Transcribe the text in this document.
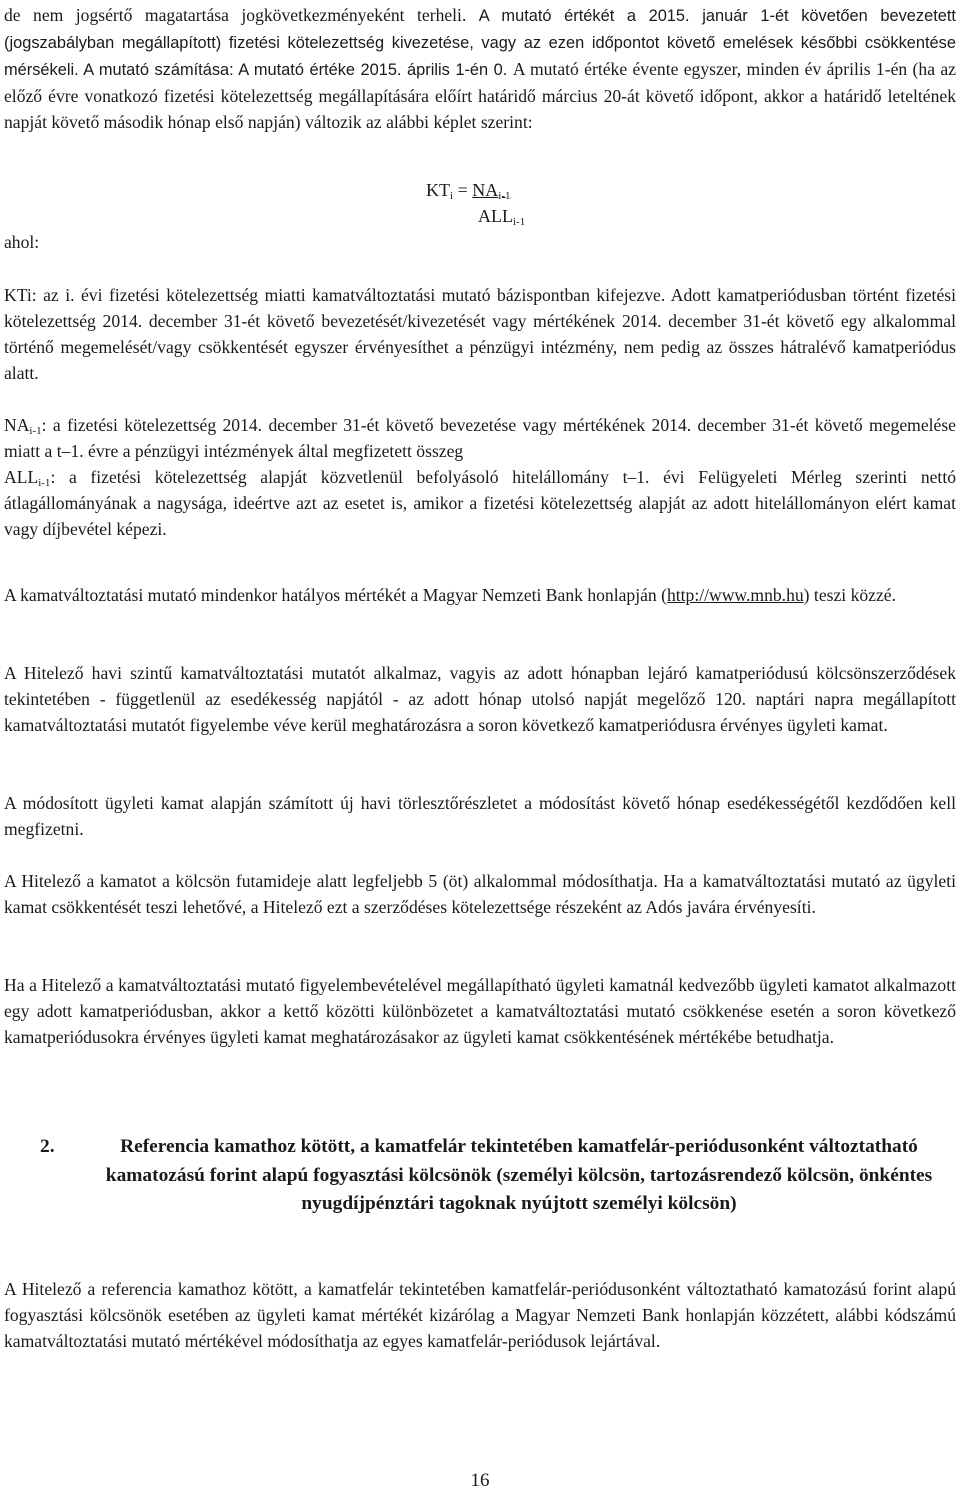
de nem jogsértő magatartása jogkövetkezményeként terheli. A mutató értékét a 2015. január 1-ét követően bevezetett (jogszabályban megállapított) fizetési kötelezettség kivezetése, vagy az ezen időpontot követő emelések későbbi csökkentése mérsékeli. A mutató számítása: A mutató értéke 2015. április 1-én 0. A mutató értéke évente egyszer, minden év április 1-én (ha az előző évre vonatkozó fizetési kötelezettség megállapítására előírt határidő március 20-át követő időpont, akkor a határidő leteltének napját követő második hónap első napján) változik az alábbi képlet szerint:

$KT_i = NA_{i-1}$
$ALL_{i-1}$
ahol:

KTi: az i. évi fizetési kötelezettség miatti kamatváltoztatási mutató bázispontban kifejezve. Adott kamatperiódusban történt fizetési kötelezettség 2014. december 31-ét követő bevezetését/kivezetését vagy mértékének 2014. december 31-ét követő egy alkalommal történő megemelését/vagy csökkentését egyszer érvényesíthet a pénzügyi intézmény, nem pedig az összes hátralévő kamatperiódus alatt.

$NA_{i-1}$: a fizetési kötelezettség 2014. december 31-ét követő bevezetése vagy mértékének 2014. december 31-ét követő megemelése miatt a t–1. évre a pénzügyi intézmények által megfizetett összeg

$ALL_{i-1}$: a fizetési kötelezettség alapját közvetlenül befolyásoló hitelállomány t–1. évi Felügyeleti Mérleg szerinti nettó átlagállományának a nagysága, ideértve azt az esetet is, amikor a fizetési kötelezettség alapját az adott hitelállományon elért kamat vagy díjbevétel képezi.

A kamatváltoztatási mutató mindenkor hatályos mértékét a Magyar Nemzeti Bank honlapján (http://www.mnb.hu) teszi közzé.

A Hitelező havi szintű kamatváltoztatási mutatót alkalmaz, vagyis az adott hónapban lejáró kamatperiódusú kölcsönszerződések tekintetében - függetlenül az esedékesség napjától - az adott hónap utolsó napját megelőző 120. naptári napra megállapított kamatváltoztatási mutatót figyelembe véve kerül meghatározásra a soron következő kamatperiódusra érvényes ügyleti kamat.

A módosított ügyleti kamat alapján számított új havi törlesztőrészletet a módosítást követő hónap esedékességétől kezdődően kell megfizetni.

A Hitelező a kamatot a kölcsön futamideje alatt legfeljebb 5 (öt) alkalommal módosíthatja. Ha a kamatváltoztatási mutató az ügyleti kamat csökkentését teszi lehetővé, a Hitelező ezt a szerződéses kötelezettsége részeként az Adós javára érvényesíti.

Ha a Hitelező a kamatváltoztatási mutató figyelembevételével megállapítható ügyleti kamatnál kedvezőbb ügyleti kamatot alkalmazott egy adott kamatperiódusban, akkor a kettő közötti különbözetet a kamatváltoztatási mutató csökkenése esetén a soron következő kamatperiódusokra érvényes ügyleti kamat meghatározásakor az ügyleti kamat csökkentésének mértékébe betudhatja.

2.	Referencia kamathoz kötött, a kamatfelár tekintetében kamatfelár-periódusonként változtatható kamatozású forint alapú fogyasztási kölcsönök (személyi kölcsön, tartozásrendező kölcsön, önkéntes nyugdíjpénztári tagoknak nyújtott személyi kölcsön)

A Hitelező a referencia kamathoz kötött, a kamatfelár tekintetében kamatfelár-periódusonként változtatható kamatozású forint alapú fogyasztási kölcsönök esetében az ügyleti kamat mértékét kizárólag a Magyar Nemzeti Bank honlapján közzétett, alábbi kódszámú kamatváltoztatási mutató mértékével módosíthatja az egyes kamatfelár-periódusok lejártával.

16
